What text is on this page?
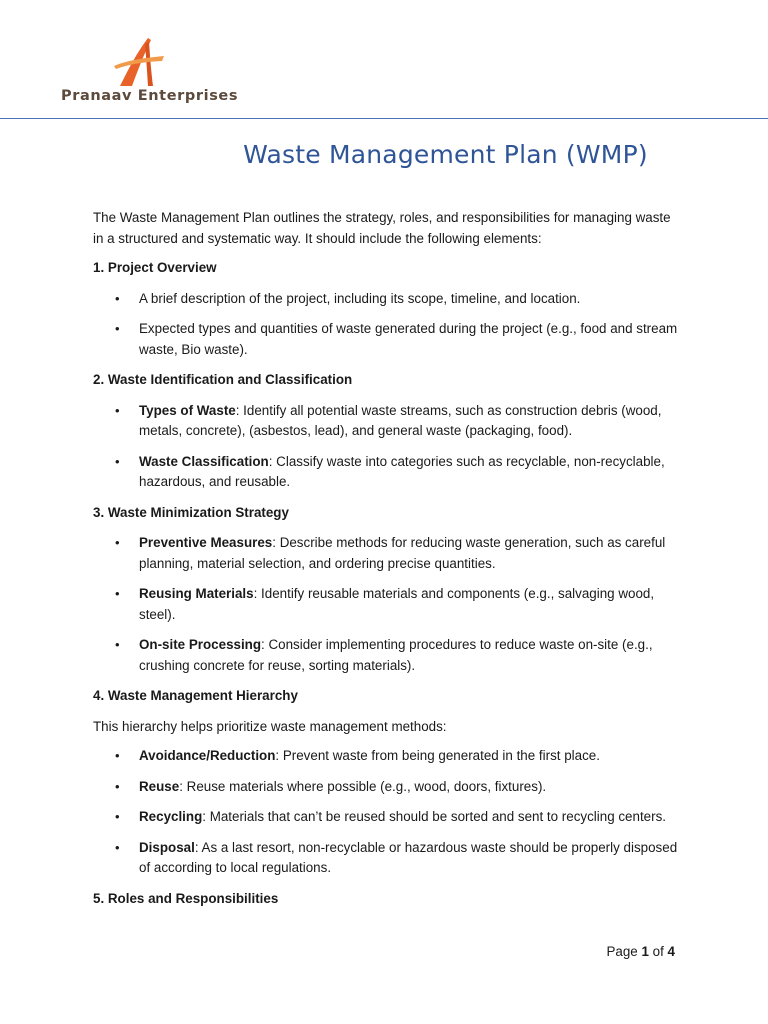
Pranaav Enterprises
Waste Management Plan (WMP)

The Waste Management Plan outlines the strategy, roles, and responsibilities for managing waste in a structured and systematic way. It should include the following elements:

1. Project Overview

• A brief description of the project, including its scope, timeline, and location.
• Expected types and quantities of waste generated during the project (e.g., food and stream waste, Bio waste).

2. Waste Identification and Classification

• Types of Waste: Identify all potential waste streams, such as construction debris (wood, metals, concrete), (asbestos, lead), and general waste (packaging, food).
• Waste Classification: Classify waste into categories such as recyclable, non-recyclable, hazardous, and reusable.

3. Waste Minimization Strategy

• Preventive Measures: Describe methods for reducing waste generation, such as careful planning, material selection, and ordering precise quantities.
• Reusing Materials: Identify reusable materials and components (e.g., salvaging wood, steel).
• On-site Processing: Consider implementing procedures to reduce waste on-site (e.g., crushing concrete for reuse, sorting materials).

4. Waste Management Hierarchy

This hierarchy helps prioritize waste management methods:

• Avoidance/Reduction: Prevent waste from being generated in the first place.
• Reuse: Reuse materials where possible (e.g., wood, doors, fixtures).
• Recycling: Materials that can’t be reused should be sorted and sent to recycling centers.
• Disposal: As a last resort, non-recyclable or hazardous waste should be properly disposed of according to local regulations.

5. Roles and Responsibilities

Page 1 of 4
